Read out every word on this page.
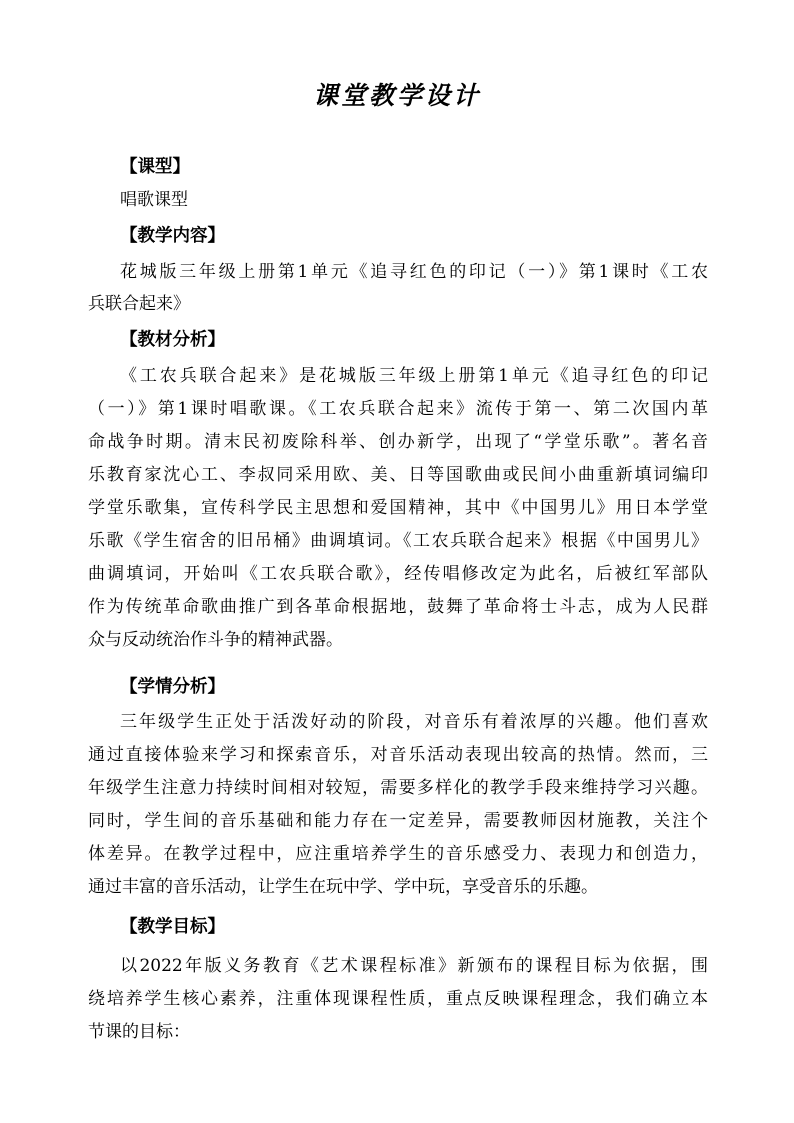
课堂教学设计
【课型】
唱歌课型
【教学内容】
花城版三年级上册第1单元《追寻红色的印记（一）》第1课时《工农
兵联合起来》
【教材分析】
《工农兵联合起来》是花城版三年级上册第1单元《追寻红色的印记
（一）》第1课时唱歌课。《工农兵联合起来》流传于第一、第二次国内革
命战争时期。清末民初废除科举、创办新学，出现了“学堂乐歌”。著名音
乐教育家沈心工、李叔同采用欧、美、日等国歌曲或民间小曲重新填词编印
学堂乐歌集，宣传科学民主思想和爱国精神，其中《中国男儿》用日本学堂
乐歌《学生宿舍的旧吊桶》曲调填词。《工农兵联合起来》根据《中国男儿》
曲调填词，开始叫《工农兵联合歌》，经传唱修改定为此名，后被红军部队
作为传统革命歌曲推广到各革命根据地，鼓舞了革命将士斗志，成为人民群
众与反动统治作斗争的精神武器。
【学情分析】
三年级学生正处于活泼好动的阶段，对音乐有着浓厚的兴趣。他们喜欢
通过直接体验来学习和探索音乐，对音乐活动表现出较高的热情。然而，三
年级学生注意力持续时间相对较短，需要多样化的教学手段来维持学习兴趣。
同时，学生间的音乐基础和能力存在一定差异，需要教师因材施教，关注个
体差异。在教学过程中，应注重培养学生的音乐感受力、表现力和创造力，
通过丰富的音乐活动，让学生在玩中学、学中玩，享受音乐的乐趣。
【教学目标】
以2022年版义务教育《艺术课程标准》新颁布的课程目标为依据，围
绕培养学生核心素养，注重体现课程性质，重点反映课程理念，我们确立本
节课的目标：
